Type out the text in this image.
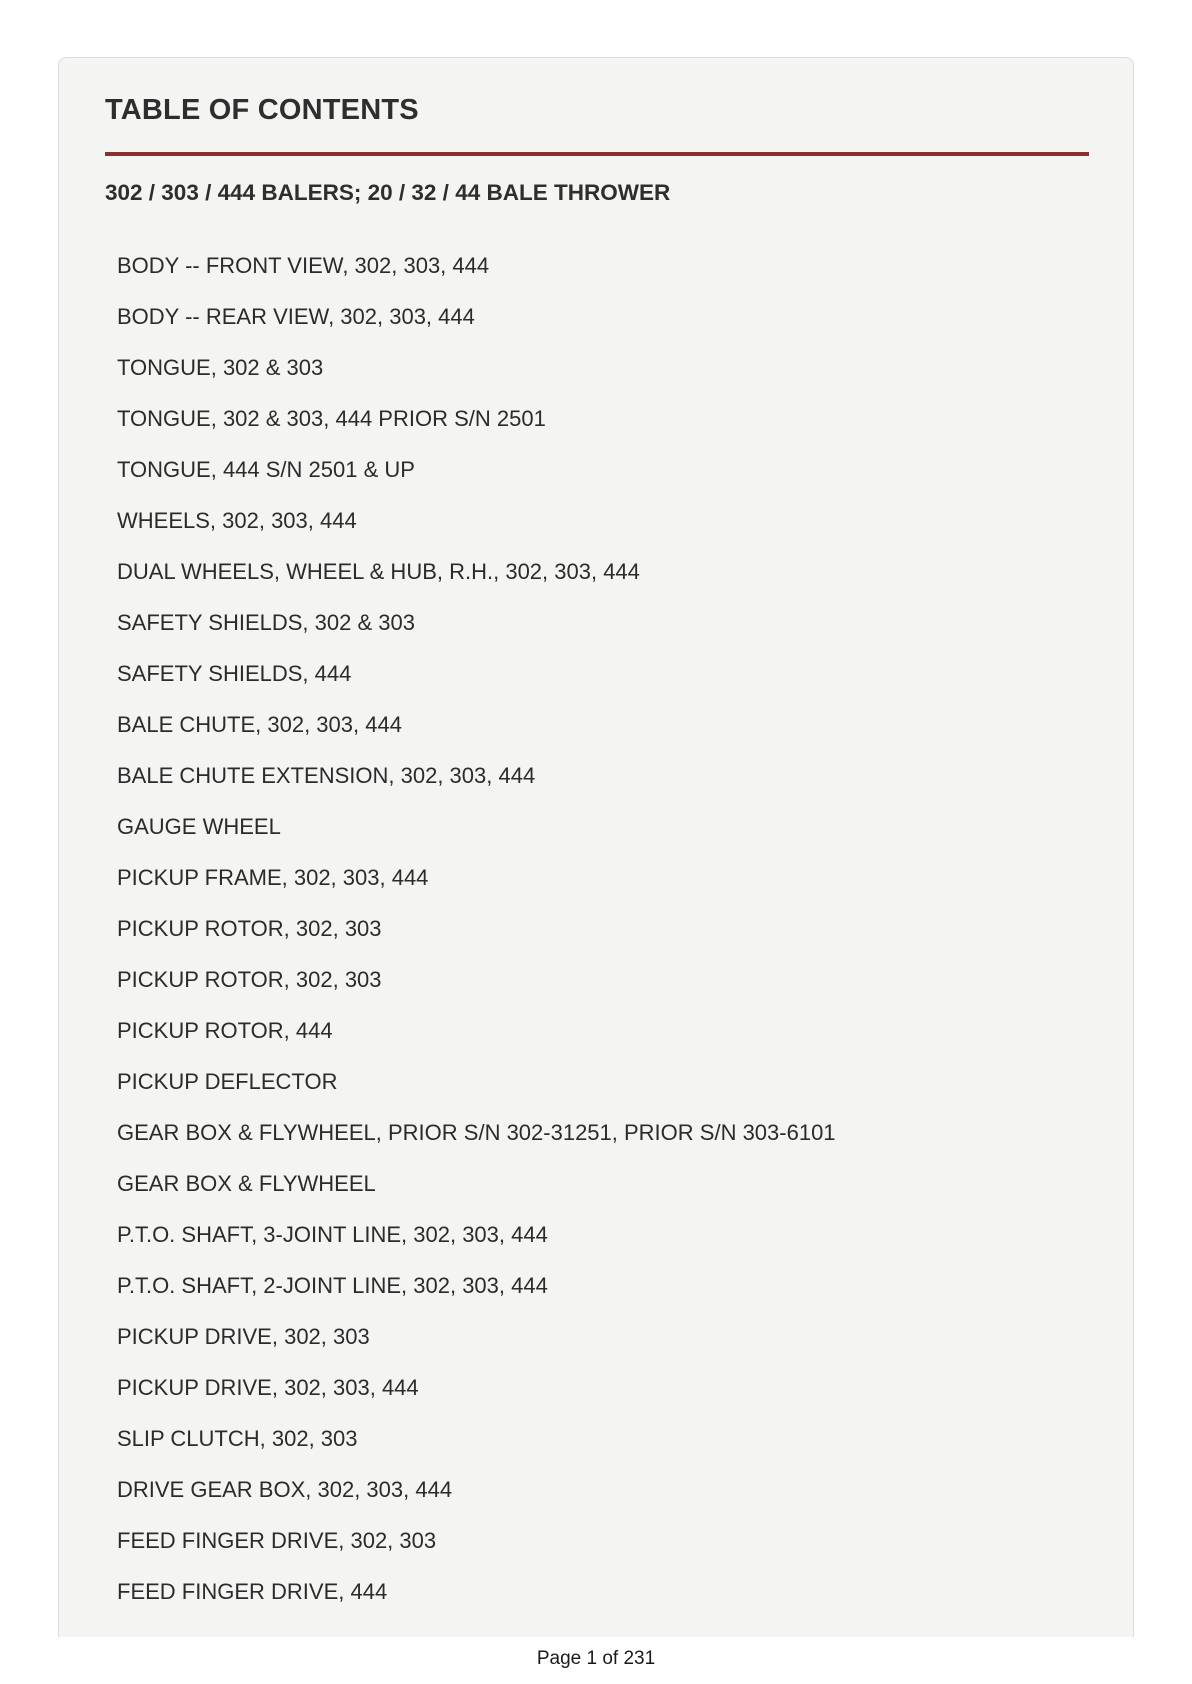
TABLE OF CONTENTS
302 / 303 / 444 BALERS; 20 / 32 / 44 BALE THROWER
BODY -- FRONT VIEW, 302, 303, 444
BODY -- REAR VIEW, 302, 303, 444
TONGUE, 302 & 303
TONGUE, 302 & 303, 444 PRIOR S/N 2501
TONGUE, 444 S/N 2501 & UP
WHEELS, 302, 303, 444
DUAL WHEELS, WHEEL & HUB, R.H., 302, 303, 444
SAFETY SHIELDS, 302 & 303
SAFETY SHIELDS, 444
BALE CHUTE, 302, 303, 444
BALE CHUTE EXTENSION, 302, 303, 444
GAUGE WHEEL
PICKUP FRAME, 302, 303, 444
PICKUP ROTOR, 302, 303
PICKUP ROTOR, 302, 303
PICKUP ROTOR, 444
PICKUP DEFLECTOR
GEAR BOX & FLYWHEEL, PRIOR S/N 302-31251, PRIOR S/N 303-6101
GEAR BOX & FLYWHEEL
P.T.O. SHAFT, 3-JOINT LINE, 302, 303, 444
P.T.O. SHAFT, 2-JOINT LINE, 302, 303, 444
PICKUP DRIVE, 302, 303
PICKUP DRIVE, 302, 303, 444
SLIP CLUTCH, 302, 303
DRIVE GEAR BOX, 302, 303, 444
FEED FINGER DRIVE, 302, 303
FEED FINGER DRIVE, 444
Page 1 of 231
